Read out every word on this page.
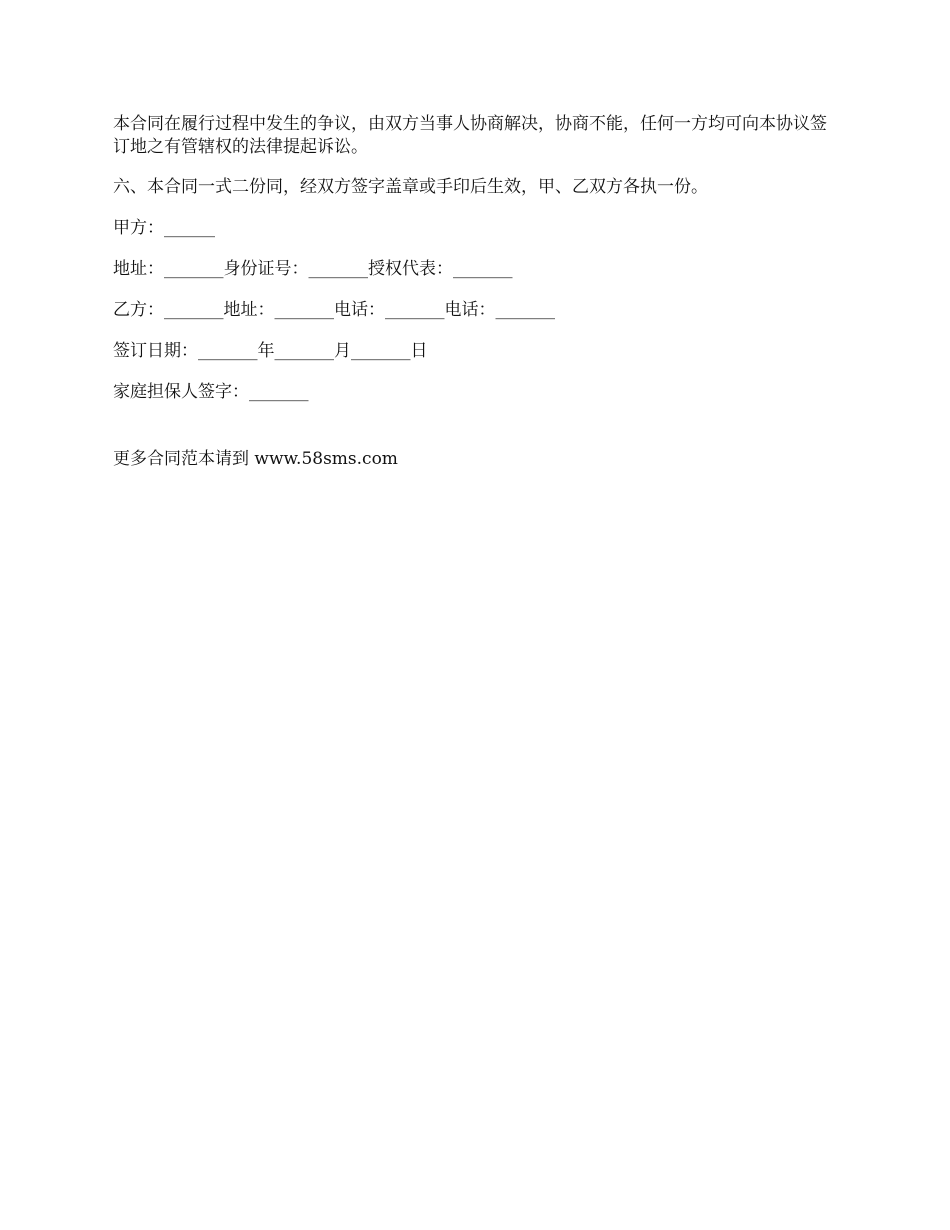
本合同在履行过程中发生的争议，由双方当事人协商解决，协商不能，任何一方均可向本协议签订地之有管辖权的法律提起诉讼。

六、本合同一式二份同，经双方签字盖章或手印后生效，甲、乙双方各执一份。

甲方：______

地址：_______身份证号：_______授权代表：_______

乙方：_______地址：_______电话：_______电话：_______

签订日期：_______年_______月_______日

家庭担保人签字：_______

更多合同范本请到 www.58sms.com
